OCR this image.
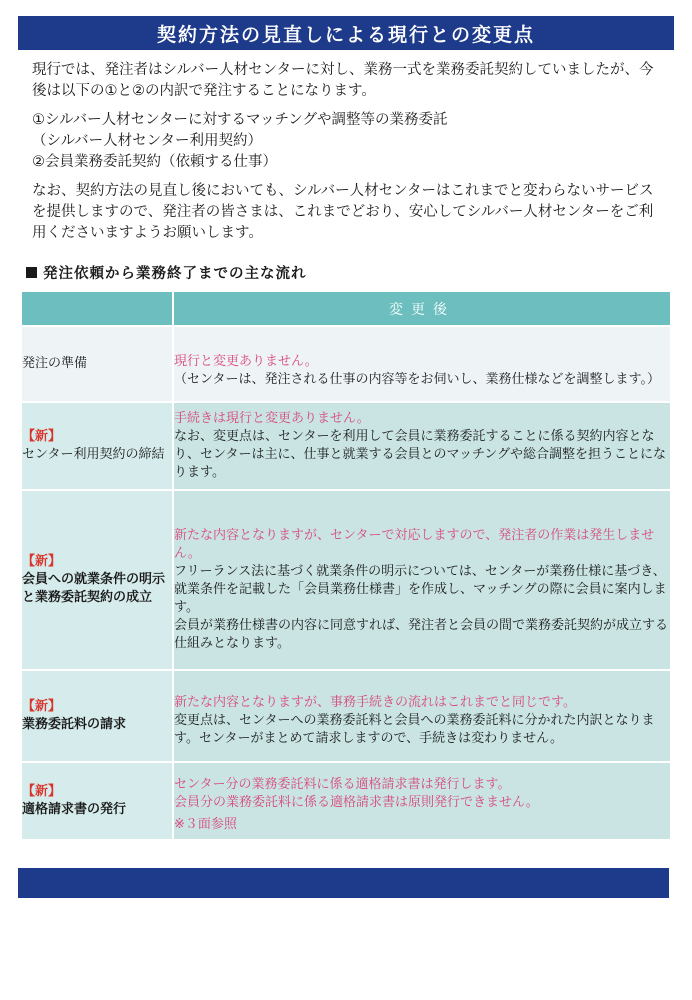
契約方法の見直しによる現行との変更点

現行では、発注者はシルバー人材センターに対し、業務一式を業務委託契約していましたが、今後は以下の①と②の内訳で発注することになります。

①シルバー人材センターに対するマッチングや調整等の業務委託

（シルバー人材センター利用契約）

②会員業務委託契約（依頼する仕事）

なお、契約方法の見直し後においても、シルバー人材センターはこれまでと変わらないサービスを提供しますので、発注者の皆さまは、これまでどおり、安心してシルバー人材センターをご利用くださいますようお願いします。

発注依頼から業務終了までの主な流れ
	変更後

発注の準備	現行と変更ありません。
（センターは、発注される仕事の内容等をお伺いし、業務仕様などを調整します。）

【新】
センター利用契約の締結	手続きは現行と変更ありません。
なお、変更点は、センターを利用して会員に業務委託することに係る契約内容となり、センターは主に、仕事と就業する会員とのマッチングや総合調整を担うことになります。

【新】
会員への就業条件の明示と業務委託契約の成立	新たな内容となりますが、センターで対応しますので、発注者の作業は発生しません。
フリーランス法に基づく就業条件の明示については、センターが業務仕様に基づき、就業条件を記載した「会員業務仕様書」を作成し、マッチングの際に会員に案内します。
会員が業務仕様書の内容に同意すれば、発注者と会員の間で業務委託契約が成立する仕組みとなります。

【新】
業務委託料の請求	新たな内容となりますが、事務手続きの流れはこれまでと同じです。
変更点は、センターへの業務委託料と会員への業務委託料に分かれた内訳となります。センターがまとめて請求しますので、手続きは変わりません。

【新】
適格請求書の発行	センター分の業務委託料に係る適格請求書は発行します。
会員分の業務委託料に係る適格請求書は原則発行できません。
※３面参照
